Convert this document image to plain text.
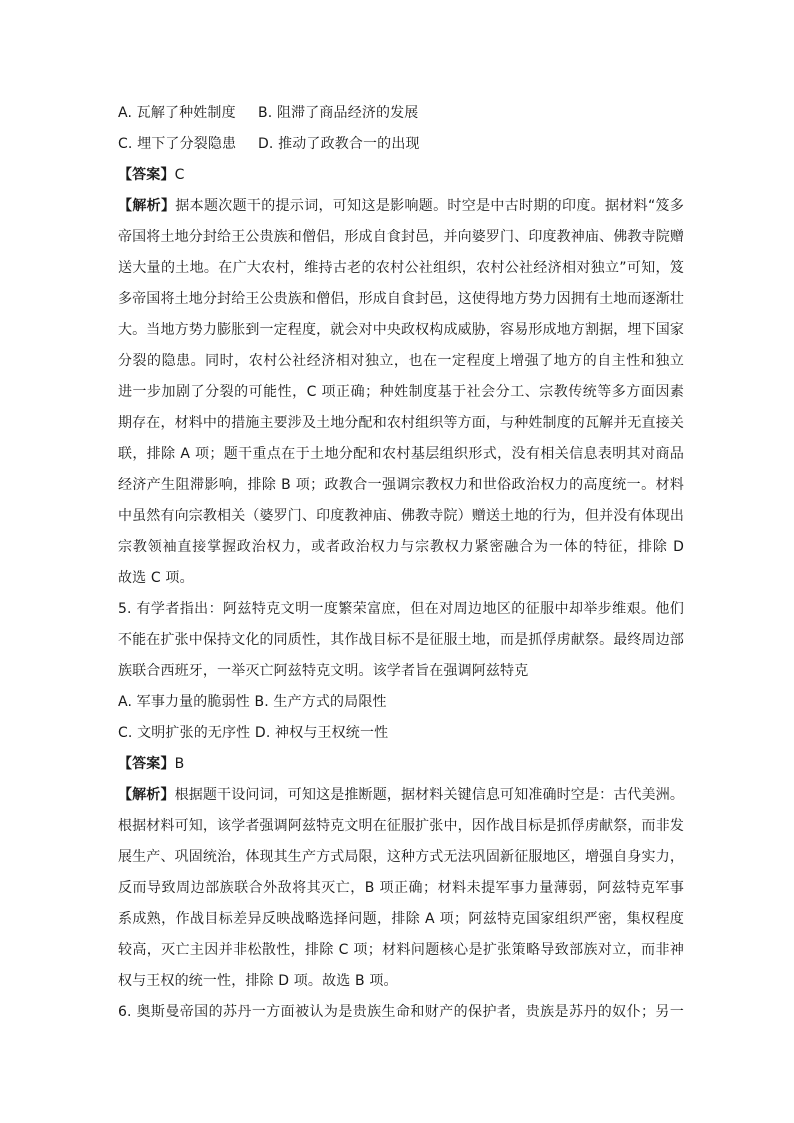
A. 瓦解了种姓制度 B. 阻滞了商品经济的发展
C. 埋下了分裂隐患 D. 推动了政教合一的出现
【答案】C
【解析】据本题次题干的提示词，可知这是影响题。时空是中古时期的印度。据材料“笈多
帝国将土地分封给王公贵族和僧侣，形成自食封邑，并向婆罗门、印度教神庙、佛教寺院赠
送大量的土地。在广大农村，维持古老的农村公社组织，农村公社经济相对独立”可知，笈
多帝国将土地分封给王公贵族和僧侣，形成自食封邑，这使得地方势力因拥有土地而逐渐壮
大。当地方势力膨胀到一定程度，就会对中央政权构成威胁，容易形成地方割据，埋下国家
分裂的隐患。同时，农村公社经济相对独立，也在一定程度上增强了地方的自主性和独立
进一步加剧了分裂的可能性，C 项正确；种姓制度基于社会分工、宗教传统等多方面因素
期存在，材料中的措施主要涉及土地分配和农村组织等方面，与种姓制度的瓦解并无直接关
联，排除 A 项；题干重点在于土地分配和农村基层组织形式，没有相关信息表明其对商品
经济产生阻滞影响，排除 B 项；政教合一强调宗教权力和世俗政治权力的高度统一。材料
中虽然有向宗教相关（婆罗门、印度教神庙、佛教寺院）赠送土地的行为，但并没有体现出
宗教领袖直接掌握政治权力，或者政治权力与宗教权力紧密融合为一体的特征，排除 D
故选 C 项。
5. 有学者指出：阿兹特克文明一度繁荣富庶，但在对周边地区的征服中却举步维艰。他们
不能在扩张中保持文化的同质性，其作战目标不是征服土地，而是抓俘虏献祭。最终周边部
族联合西班牙，一举灭亡阿兹特克文明。该学者旨在强调阿兹特克
A. 军事力量的脆弱性 B. 生产方式的局限性
C. 文明扩张的无序性 D. 神权与王权统一性
【答案】B
【解析】根据题干设问词，可知这是推断题，据材料关键信息可知准确时空是：古代美洲。
根据材料可知，该学者强调阿兹特克文明在征服扩张中，因作战目标是抓俘虏献祭，而非发
展生产、巩固统治，体现其生产方式局限，这种方式无法巩固新征服地区，增强自身实力，
反而导致周边部族联合外敌将其灭亡，B 项正确；材料未提军事力量薄弱，阿兹特克军事
系成熟，作战目标差异反映战略选择问题，排除 A 项；阿兹特克国家组织严密，集权程度
较高，灭亡主因并非松散性，排除 C 项；材料问题核心是扩张策略导致部族对立，而非神
权与王权的统一性，排除 D 项。故选 B 项。
6. 奥斯曼帝国的苏丹一方面被认为是贵族生命和财产的保护者，贵族是苏丹的奴仆；另一
